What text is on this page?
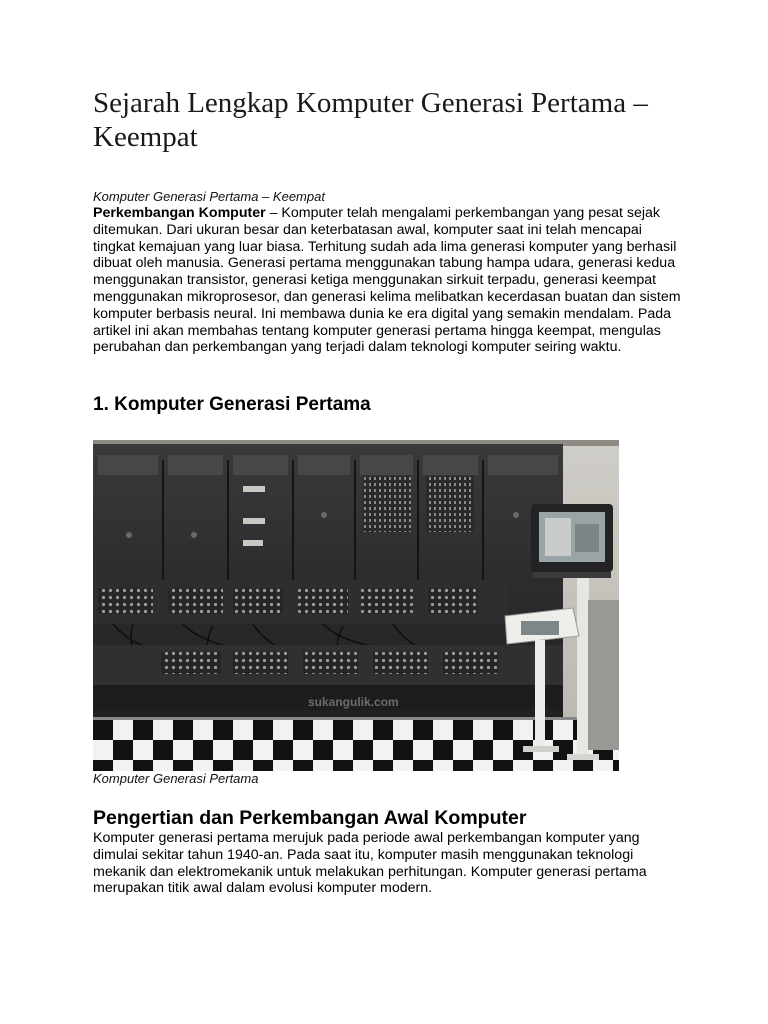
Sejarah Lengkap Komputer Generasi Pertama – Keempat
Komputer Generasi Pertama – Keempat

Perkembangan Komputer – Komputer telah mengalami perkembangan yang pesat sejak ditemukan. Dari ukuran besar dan keterbatasan awal, komputer saat ini telah mencapai tingkat kemajuan yang luar biasa. Terhitung sudah ada lima generasi komputer yang berhasil dibuat oleh manusia. Generasi pertama menggunakan tabung hampa udara, generasi kedua menggunakan transistor, generasi ketiga menggunakan sirkuit terpadu, generasi keempat menggunakan mikroprosesor, dan generasi kelima melibatkan kecerdasan buatan dan sistem komputer berbasis neural. Ini membawa dunia ke era digital yang semakin mendalam. Pada artikel ini akan membahas tentang komputer generasi pertama hingga keempat, mengulas perubahan dan perkembangan yang terjadi dalam teknologi komputer seiring waktu.

1. Komputer Generasi Pertama
sukangulik.com
Komputer Generasi Pertama
Pengertian dan Perkembangan Awal Komputer

Komputer generasi pertama merujuk pada periode awal perkembangan komputer yang dimulai sekitar tahun 1940-an. Pada saat itu, komputer masih menggunakan teknologi mekanik dan elektromekanik untuk melakukan perhitungan. Komputer generasi pertama merupakan titik awal dalam evolusi komputer modern.
